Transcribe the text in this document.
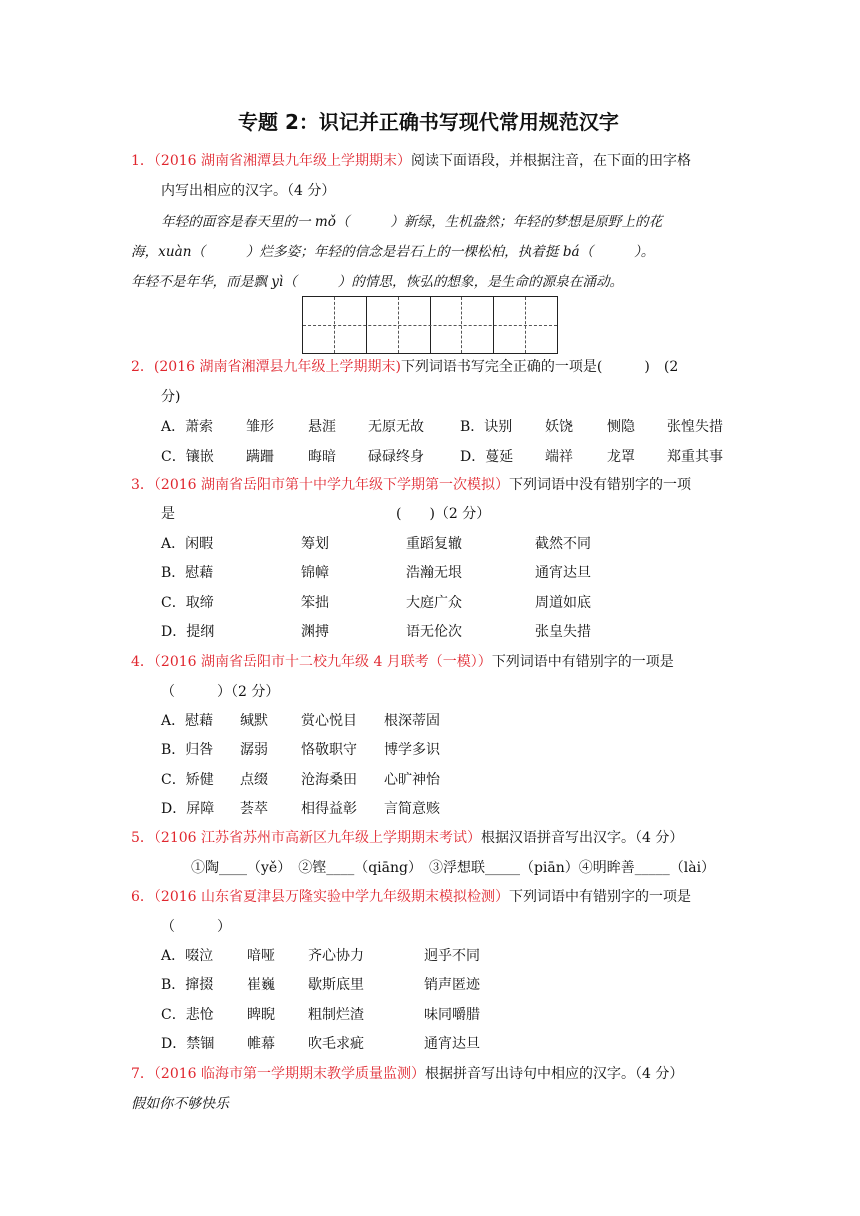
专题 2：识记并正确书写现代常用规范汉字
1．（2016 湖南省湘潭县九年级上学期期末）阅读下面语段，并根据注音，在下面的田字格
内写出相应的汉字。（4 分）
年轻的面容是春天里的一 mǒ（　　　）新绿，生机盎然；年轻的梦想是原野上的花
海，xuàn（　　　）烂多姿；年轻的信念是岩石上的一棵松柏，执着挺 bá（　　　）。
年轻不是年华，而是飘 yì（　　　）的情思，恢弘的想象，是生命的源泉在涌动。
2．(2016 湖南省湘潭县九年级上学期期末)下列词语书写完全正确的一项是(　　　)　(2
分)
A．萧索 雏形 悬涯 无原无故	B．诀别 妖饶 恻隐 张惶失措
C．镶嵌 蹒跚 晦暗 碌碌终身	D．蔓延 端祥 龙罩 郑重其事
3．（2016 湖南省岳阳市第十中学九年级下学期第一次模拟）下列词语中没有错别字的一项
是	(　　)（2 分）
A．闲暇	筹划	重蹈复辙	截然不同
B．慰藉	锦幛	浩瀚无垠	通宵达旦
C．取缔	笨拙	大庭广众	周道如底
D．提纲	渊搏	语无伦次	张皇失措
4．（2016 湖南省岳阳市十二校九年级 4 月联考（一模））下列词语中有错别字的一项是
（　　　）（2 分）
A．慰藉 缄默 赏心悦目 根深蒂固
B．归咎 潺弱 恪敬职守 博学多识
C．矫健 点缀 沧海桑田 心旷神怡
D．屏障 荟萃 相得益彰 言简意赅
5．（2106 江苏省苏州市高新区九年级上学期期末考试）根据汉语拼音写出汉字。（4 分）
①陶____（yě）　②铿____（qiāng）　③浮想联_____（piān）④明眸善_____（lài）
6．（2016 山东省夏津县万隆实验中学九年级期末模拟检测）下列词语中有错别字的一项是
（　　　）
A．啜泣 喑哑 齐心协力	迥乎不同
B．撺掇 崔巍 歇斯底里	销声匿迹
C．悲怆 睥睨 粗制烂渣	味同嚼腊
D．禁锢 帷幕 吹毛求疵	通宵达旦
7．（2016 临海市第一学期期末教学质量监测）根据拼音写出诗句中相应的汉字。（4 分）
假如你不够快乐
